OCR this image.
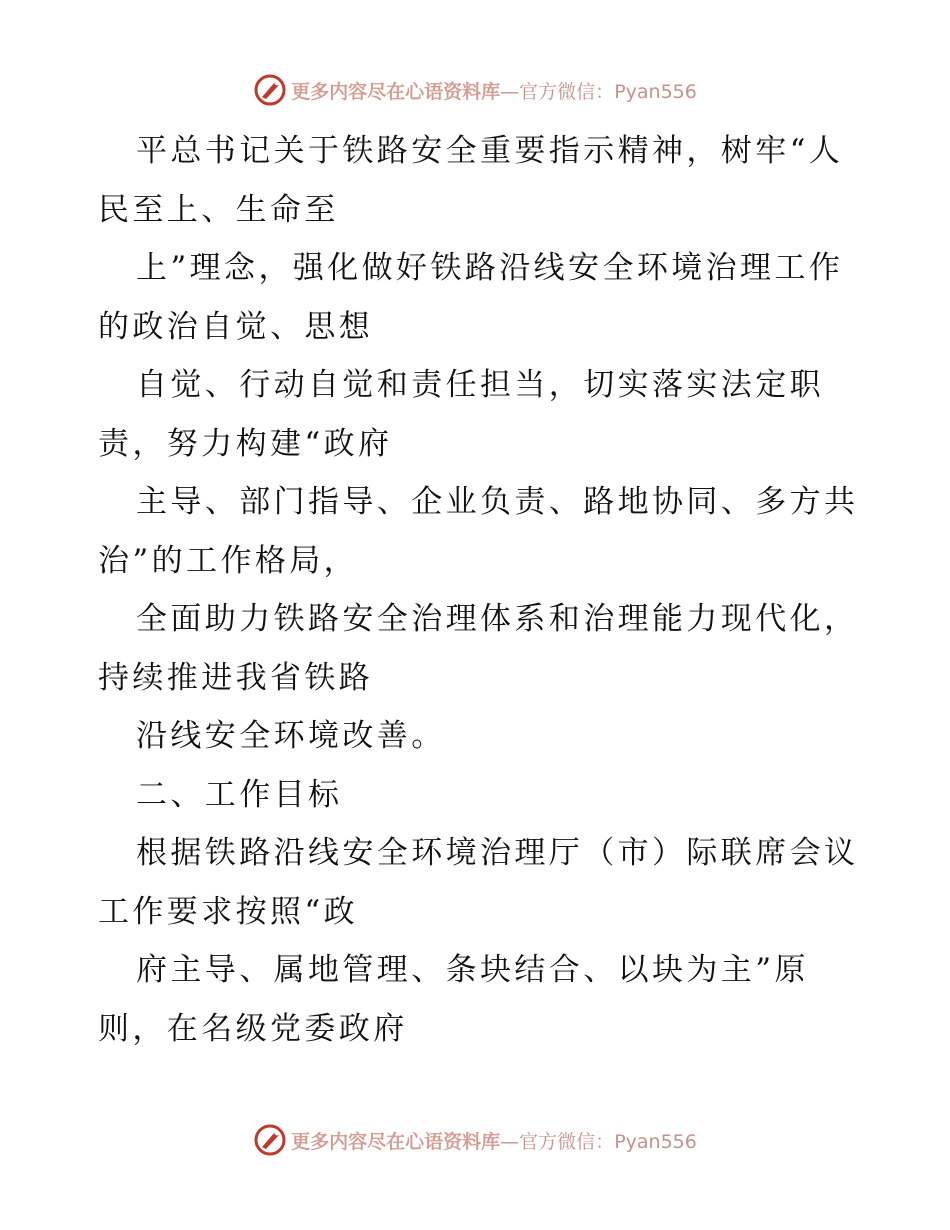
更多内容尽在心语资料库—官方微信：Pyan556

平总书记关于铁路安全重要指示精神，树牢“人

民至上、生命至

上”理念，强化做好铁路沿线安全环境治理工作

的政治自觉、思想

自觉、行动自觉和责任担当，切实落实法定职

责，努力构建“政府

主导、部门指导、企业负责、路地协同、多方共

治”的工作格局，

全面助力铁路安全治理体系和治理能力现代化，

持续推进我省铁路

沿线安全环境改善。

二、工作目标

根据铁路沿线安全环境治理厅（市）际联席会议

工作要求按照“政

府主导、属地管理、条块结合、以块为主”原

则，在名级党委政府

更多内容尽在心语资料库—官方微信：Pyan556
